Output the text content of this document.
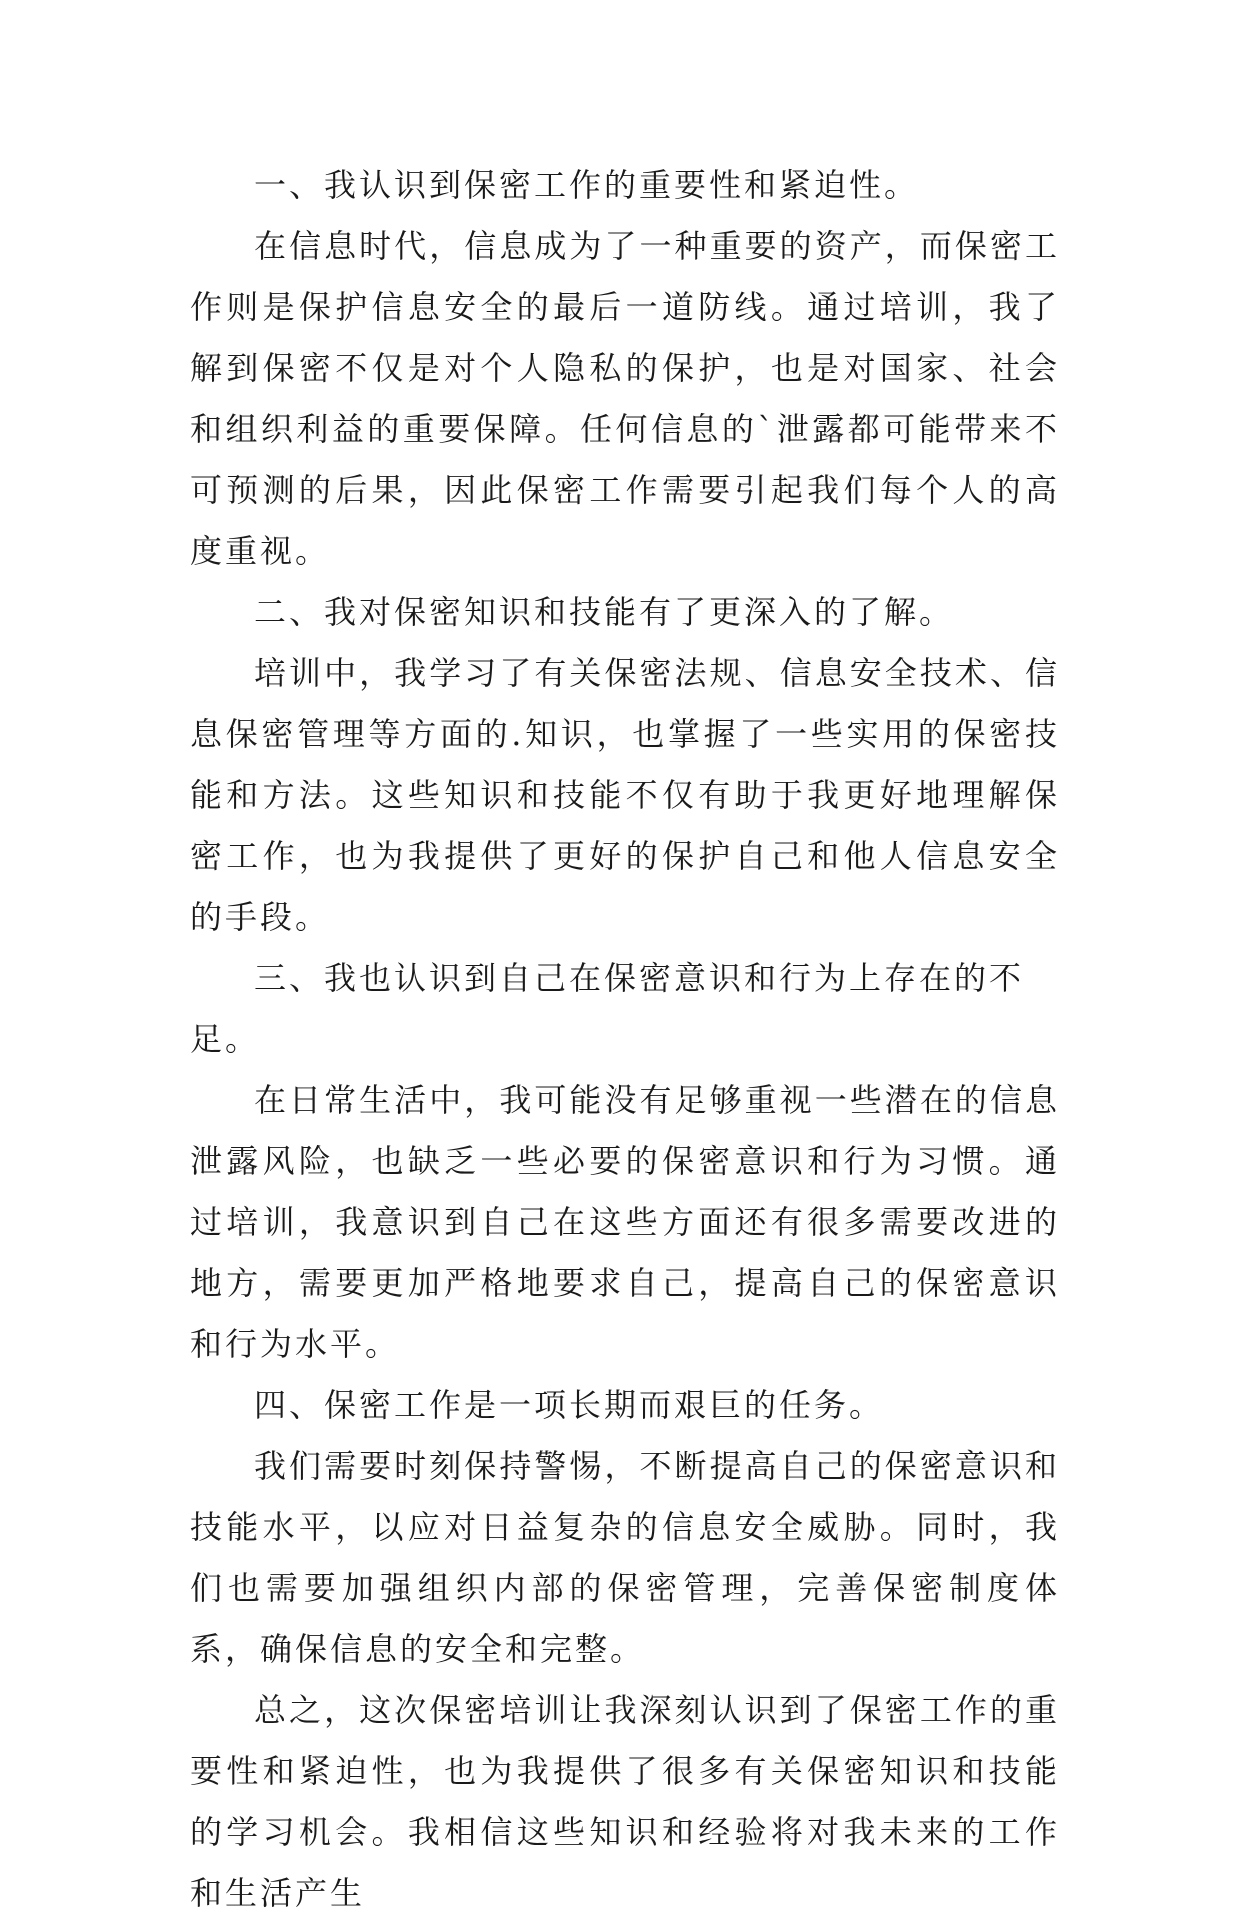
一、我认识到保密工作的重要性和紧迫性。

在信息时代，信息成为了一种重要的资产，而保密工作则是保护信息安全的最后一道防线。通过培训，我了解到保密不仅是对个人隐私的保护，也是对国家、社会和组织利益的重要保障。任何信息的`泄露都可能带来不可预测的后果，因此保密工作需要引起我们每个人的高度重视。

二、我对保密知识和技能有了更深入的了解。

培训中，我学习了有关保密法规、信息安全技术、信息保密管理等方面的.知识，也掌握了一些实用的保密技能和方法。这些知识和技能不仅有助于我更好地理解保密工作，也为我提供了更好的保护自己和他人信息安全的手段。

三、我也认识到自己在保密意识和行为上存在的不足。

在日常生活中，我可能没有足够重视一些潜在的信息泄露风险，也缺乏一些必要的保密意识和行为习惯。通过培训，我意识到自己在这些方面还有很多需要改进的地方，需要更加严格地要求自己，提高自己的保密意识和行为水平。

四、保密工作是一项长期而艰巨的任务。

我们需要时刻保持警惕，不断提高自己的保密意识和技能水平，以应对日益复杂的信息安全威胁。同时，我们也需要加强组织内部的保密管理，完善保密制度体系，确保信息的安全和完整。

总之，这次保密培训让我深刻认识到了保密工作的重要性和紧迫性，也为我提供了很多有关保密知识和技能的学习机会。我相信这些知识和经验将对我未来的工作和生活产生
